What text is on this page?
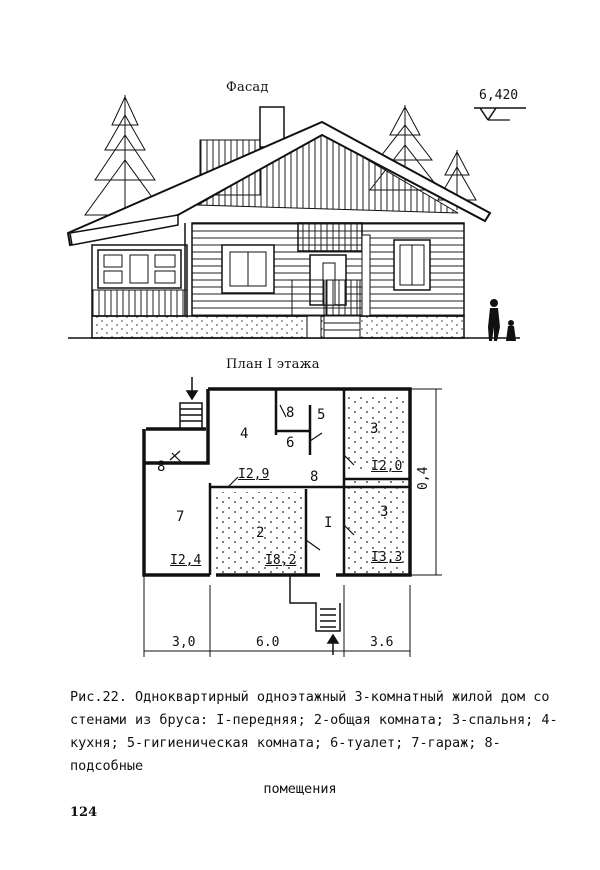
Фасад
6,420
План I этажа
4
5
8
6
3
8
8
7
2
I
3
I2,9
I2,0
I2,4	I8,2	I3,3
3,0	6.0	3.6
0,4
Рис.22. Одноквартирный одноэтажный 3-комнатный жилой дом со
стенами из бруса: I-передняя; 2-общая комната; 3-спальня; 4-
кухня; 5-гигиеническая комната; 6-туалет; 7-гараж; 8-подсобные
помещения
124
